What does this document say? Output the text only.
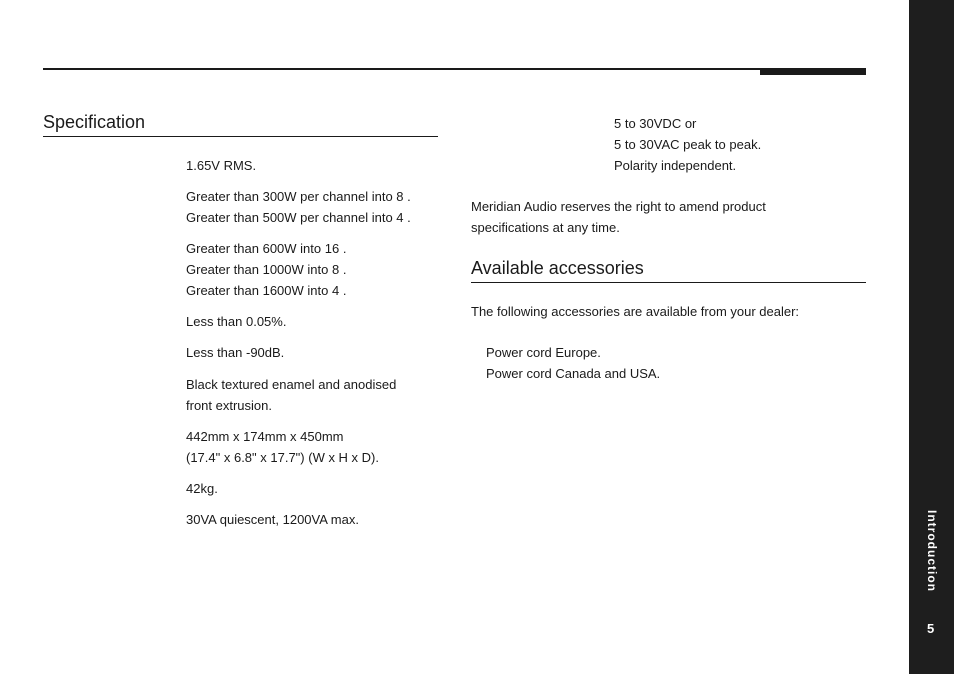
Specification

1.65V RMS.

Greater than 300W per channel into 8 .
Greater than 500W per channel into 4 .

Greater than 600W into 16 .
Greater than 1000W into 8 .
Greater than 1600W into 4 .

Less than 0.05%.

Less than -90dB.

Black textured enamel and anodised
front extrusion.

442mm x 174mm x 450mm
(17.4" x 6.8" x 17.7") (W x H x D).

42kg.

30VA quiescent, 1200VA max.

5 to 30VDC or
5 to 30VAC peak to peak.
Polarity independent.

Meridian Audio reserves the right to amend product
specifications at any time.

Available accessories

The following accessories are available from your dealer:

Power cord Europe.
Power cord Canada and USA.

Introduction
5
